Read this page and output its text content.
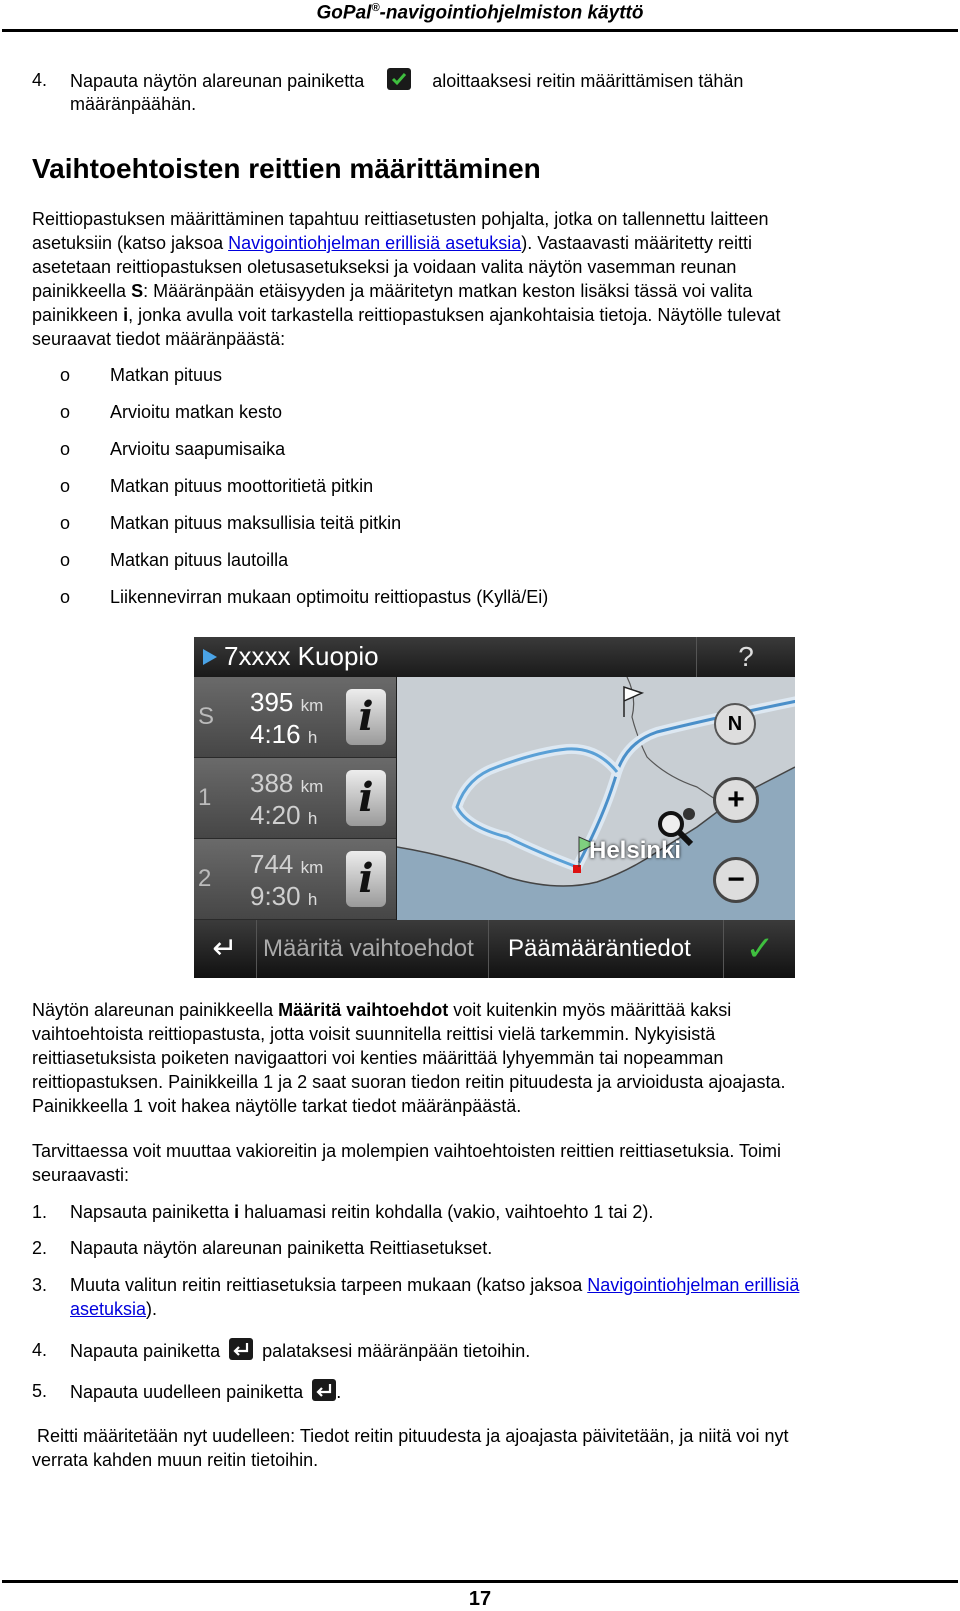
GoPal®-navigointiohjelmiston käyttö
4. Napauta näytön alareunan painiketta	aloittaaksesi reitin määrittämisen tähän
määränpäähän.
Vaihtoehtoisten reittien määrittäminen
Reittiopastuksen määrittäminen tapahtuu reittiasetusten pohjalta, jotka on tallennettu laitteen
asetuksiin (katso jaksoa Navigointiohjelman erillisiä asetuksia). Vastaavasti määritetty reitti
asetetaan reittiopastuksen oletusasetukseksi ja voidaan valita näytön vasemman reunan
painikkeella S: Määränpään etäisyyden ja määritetyn matkan keston lisäksi tässä voi valita
painikkeen i, jonka avulla voit tarkastella reittiopastuksen ajankohtaisia tietoja. Näytölle tulevat
seuraavat tiedot määränpäästä:
o Matkan pituus
o Arvioitu matkan kesto
o Arvioitu saapumisaika
o Matkan pituus moottoritietä pitkin
o Matkan pituus maksullisia teitä pitkin
o Matkan pituus lautoilla
o Liikennevirran mukaan optimoitu reittiopastus (Kyllä/Ei)
7xxxx Kuopio	?
S 395 km
4:16 h	i
1 388 km
4:20 h	i
2 744 km
9:30 h	i
Helsinki
N
+
−
↵	Määritä vaihtoehdot	Päämääräntiedot	✓
Näytön alareunan painikkeella Määritä vaihtoehdot voit kuitenkin myös määrittää kaksi
vaihtoehtoista reittiopastusta, jotta voisit suunnitella reittisi vielä tarkemmin. Nykyisistä
reittiasetuksista poiketen navigaattori voi kenties määrittää lyhyemmän tai nopeamman
reittiopastuksen. Painikkeilla 1 ja 2 saat suoran tiedon reitin pituudesta ja arvioidusta ajoajasta.
Painikkeella 1 voit hakea näytölle tarkat tiedot määränpäästä.
Tarvittaessa voit muuttaa vakioreitin ja molempien vaihtoehtoisten reittien reittiasetuksia. Toimi
seuraavasti:
1. Napsauta painiketta i haluamasi reitin kohdalla (vakio, vaihtoehto 1 tai 2).
2. Napauta näytön alareunan painiketta Reittiasetukset.
3. Muuta valitun reitin reittiasetuksia tarpeen mukaan (katso jaksoa Navigointiohjelman erillisiä
asetuksia).
4. Napauta painiketta palataksesi määränpään tietoihin.
5. Napauta uudelleen painiketta .
Reitti määritetään nyt uudelleen: Tiedot reitin pituudesta ja ajoajasta päivitetään, ja niitä voi nyt
verrata kahden muun reitin tietoihin.
17
